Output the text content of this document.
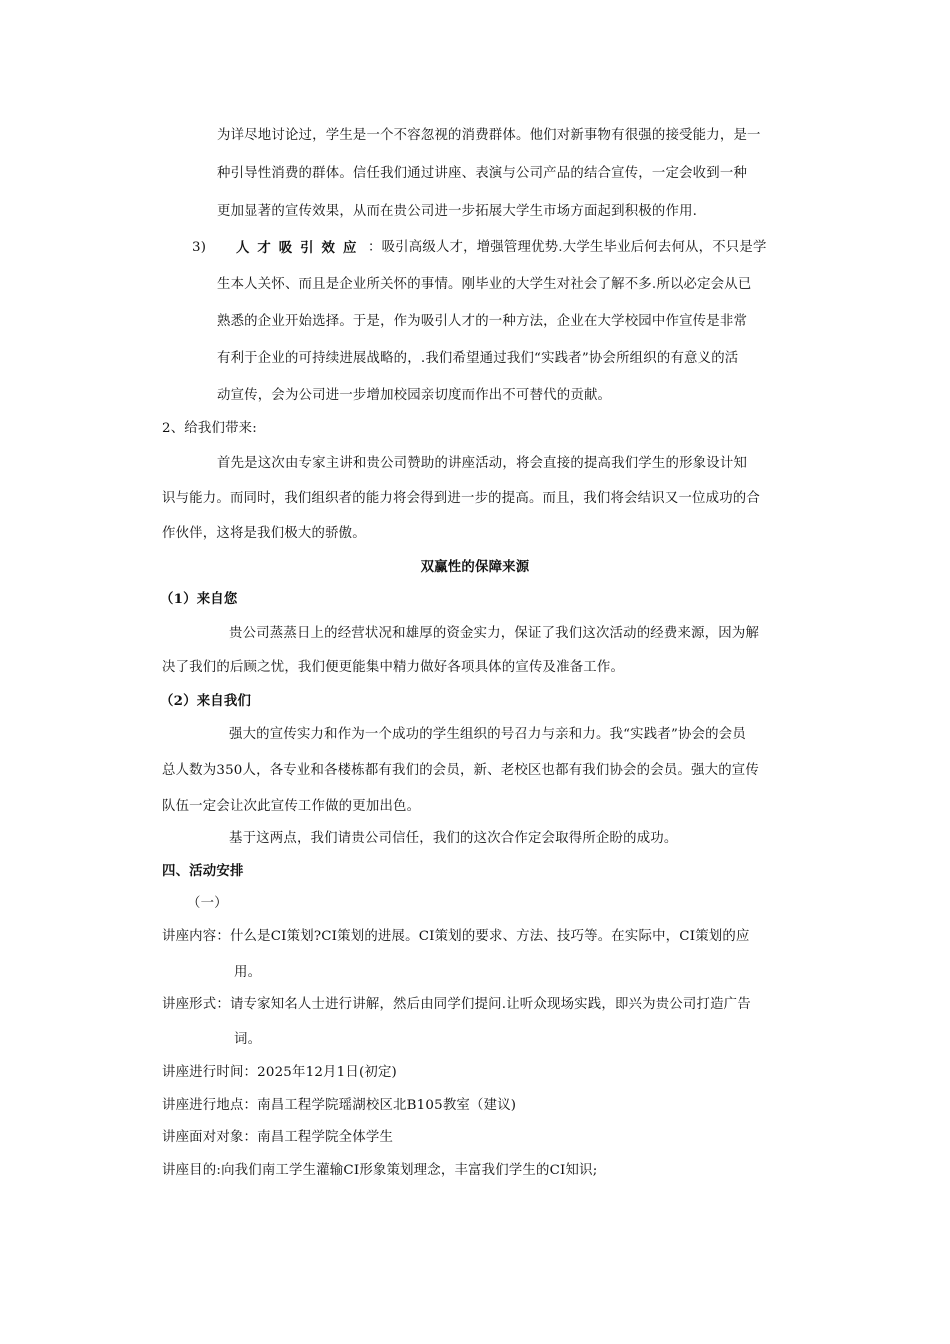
为详尽地讨论过，学生是一个不容忽视的消费群体。他们对新事物有很强的接受能力，是一
种引导性消费的群体。信任我们通过讲座、表演与公司产品的结合宣传，一定会收到一种
更加显著的宣传效果，从而在贵公司进一步拓展大学生市场方面起到积极的作用.
3) 人才吸引效应 ：吸引高级人才，增强管理优势.大学生毕业后何去何从，不只是学
生本人关怀、而且是企业所关怀的事情。刚毕业的大学生对社会了解不多.所以必定会从已
熟悉的企业开始选择。于是，作为吸引人才的一种方法，企业在大学校园中作宣传是非常
有利于企业的可持续进展战略的，.我们希望通过我们“实践者”协会所组织的有意义的活
动宣传，会为公司进一步增加校园亲切度而作出不可替代的贡献。
2、给我们带来:
首先是这次由专家主讲和贵公司赞助的讲座活动，将会直接的提高我们学生的形象设计知
识与能力。而同时，我们组织者的能力将会得到进一步的提高。而且，我们将会结识又一位成功的合
作伙伴，这将是我们极大的骄傲。
双赢性的保障来源
（1）来自您
贵公司蒸蒸日上的经营状况和雄厚的资金实力，保证了我们这次活动的经费来源，因为解
决了我们的后顾之忧，我们便更能集中精力做好各项具体的宣传及准备工作。
（2）来自我们
强大的宣传实力和作为一个成功的学生组织的号召力与亲和力。我“实践者”协会的会员
总人数为350人，各专业和各楼栋都有我们的会员，新、老校区也都有我们协会的会员。强大的宣传
队伍一定会让次此宣传工作做的更加出色。
基于这两点，我们请贵公司信任，我们的这次合作定会取得所企盼的成功。
四、活动安排
（一）
讲座内容：什么是CI策划?CI策划的进展。CI策划的要求、方法、技巧等。在实际中，CI策划的应
用。
讲座形式：请专家知名人士进行讲解，然后由同学们提问.让听众现场实践，即兴为贵公司打造广告
词。
讲座进行时间：2025年12月1日(初定)
讲座进行地点：南昌工程学院瑶湖校区北B105教室（建议)
讲座面对对象：南昌工程学院全体学生
讲座目的:向我们南工学生灌输CI形象策划理念，丰富我们学生的CI知识;
